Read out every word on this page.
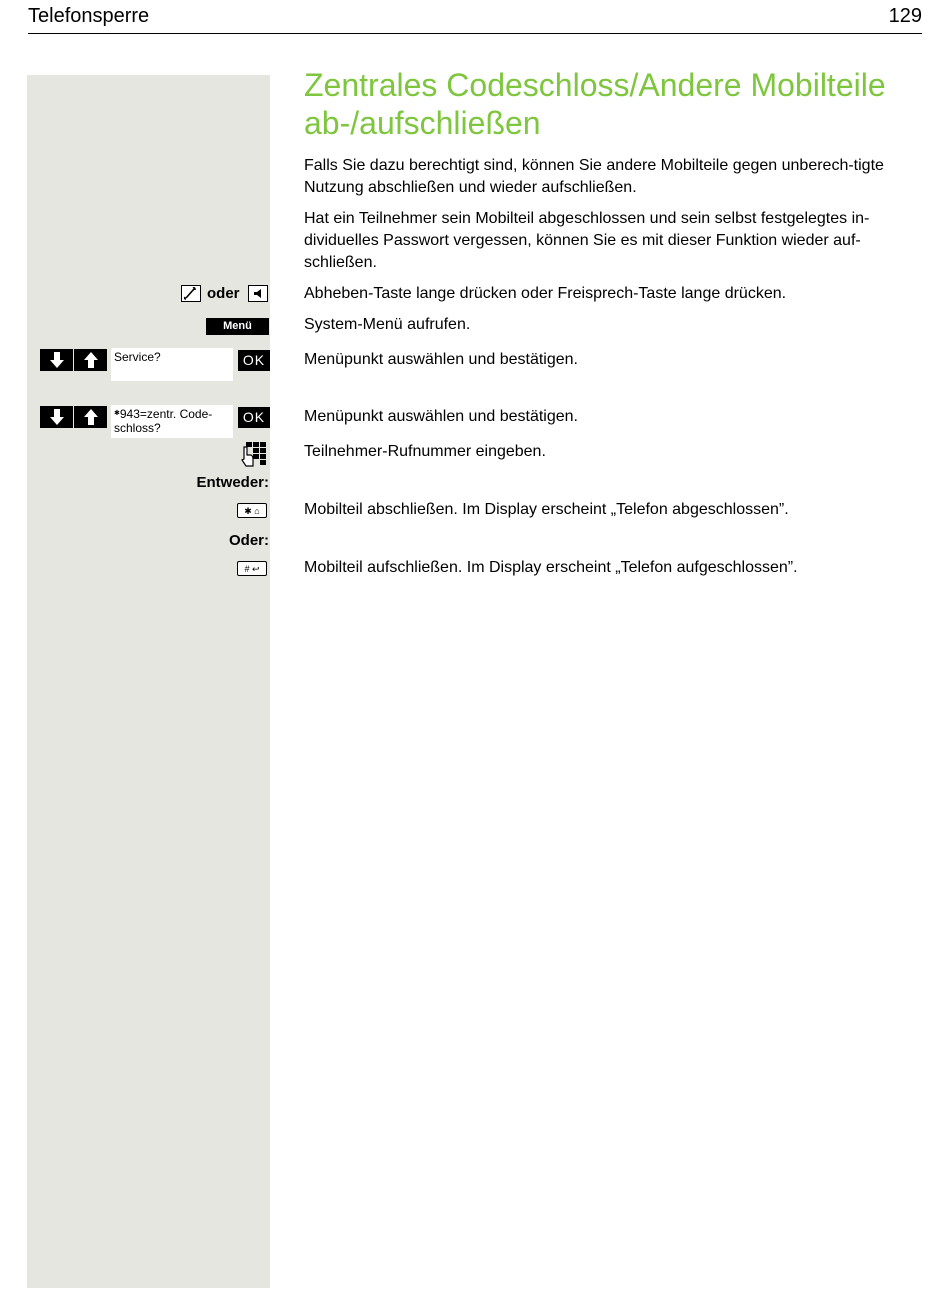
Telefonsperre	129
Zentrales Codeschloss/Andere Mobilteile ab-/aufschließen
Falls Sie dazu berechtigt sind, können Sie andere Mobilteile gegen unberech-tigte Nutzung abschließen und wieder aufschließen.
Hat ein Teilnehmer sein Mobilteil abgeschlossen und sein selbst festgelegtes in-dividuelles Passwort vergessen, können Sie es mit dieser Funktion wieder auf-schließen.
oder	Abheben-Taste lange drücken oder Freisprech-Taste lange drücken.
Menü	System-Menü aufrufen.
Service?	OK	Menüpunkt auswählen und bestätigen.
✱943=zentr. Code-
schloss?
OK	Menüpunkt auswählen und bestätigen.
Teilnehmer-Rufnummer eingeben.
Entweder:
✱ ⌂	Mobilteil abschließen. Im Display erscheint „Telefon abgeschlossen”.
Oder:
# ↩	Mobilteil aufschließen. Im Display erscheint „Telefon aufgeschlossen”.
